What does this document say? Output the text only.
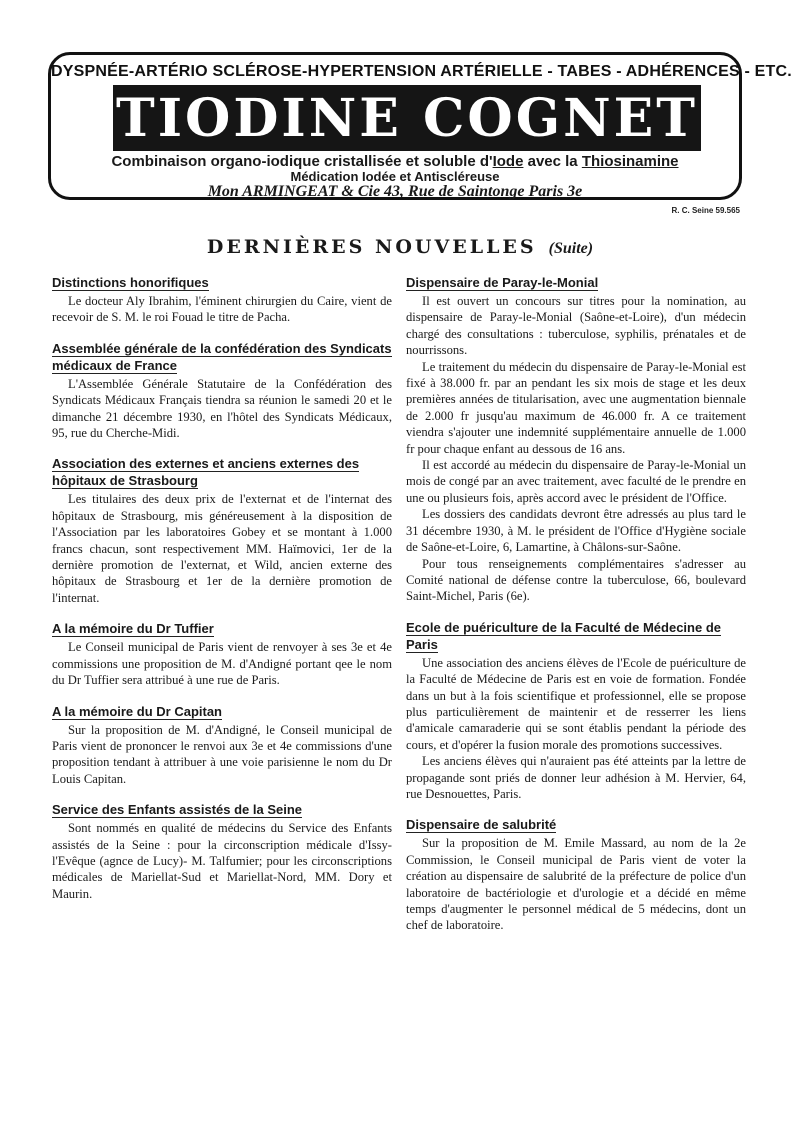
DYSPNÉE-ARTÉRIO SCLÉROSE-HYPERTENSION ARTÉRIELLE - TABES - ADHÉRENCES - ETC.
TIODINE COGNET
Combinaison organo-iodique cristallisée et soluble d'Iode avec la Thiosinamine
Médication Iodée et Antiscléreuse
Mon ARMINGEAT & Cie 43, Rue de Saintonge Paris 3e
R. C. Seine 59.565
DERNIÈRES NOUVELLES (Suite)
Distinctions honorifiques

Le docteur Aly Ibrahim, l'éminent chirurgien du Caire, vient de recevoir de S. M. le roi Fouad le titre de Pacha.

Assemblée générale de la confédération des Syndicats médicaux de France

L'Assemblée Générale Statutaire de la Confédération des Syndicats Médicaux Français tiendra sa réunion le samedi 20 et le dimanche 21 décembre 1930, en l'hôtel des Syndicats Médicaux, 95, rue du Cherche-Midi.

Association des externes et anciens externes des hôpitaux de Strasbourg

Les titulaires des deux prix de l'externat et de l'internat des hôpitaux de Strasbourg, mis généreusement à la disposition de l'Association par les laboratoires Gobey et se montant à 1.000 francs chacun, sont respectivement MM. Haïmovici, 1er de la dernière promotion de l'externat, et Wild, ancien externe des hôpitaux de Strasbourg et 1er de la dernière promotion de l'internat.

A la mémoire du Dr Tuffier

Le Conseil municipal de Paris vient de renvoyer à ses 3e et 4e commissions une proposition de M. d'Andigné portant qee le nom du Dr Tuffier sera attribué à une rue de Paris.

A la mémoire du Dr Capitan

Sur la proposition de M. d'Andigné, le Conseil municipal de Paris vient de prononcer le renvoi aux 3e et 4e commissions d'une proposition tendant à attribuer à une voie parisienne le nom du Dr Louis Capitan.

Service des Enfants assistés de la Seine

Sont nommés en qualité de médecins du Service des Enfants assistés de la Seine : pour la circonscription médicale d'Issy-l'Evêque (agnce de Lucy)- M. Talfumier; pour les circonscriptions médicales de Mariellat-Sud et Mariellat-Nord, MM. Dory et Maurin.

Dispensaire de Paray-le-Monial

Il est ouvert un concours sur titres pour la nomination, au dispensaire de Paray-le-Monial (Saône-et-Loire), d'un médecin chargé des consultations : tuberculose, syphilis, prénatales et de nourrissons.

Le traitement du médecin du dispensaire de Paray-le-Monial est fixé à 38.000 fr. par an pendant les six mois de stage et les deux premières années de titularisation, avec une augmentation biennale de 2.000 fr jusqu'au maximum de 46.000 fr. A ce traitement viendra s'ajouter une indemnité supplémentaire annuelle de 1.000 fr pour chaque enfant au dessous de 16 ans.

Il est accordé au médecin du dispensaire de Paray-le-Monial un mois de congé par an avec traitement, avec faculté de le prendre en une ou plusieurs fois, après accord avec le président de l'Office.

Les dossiers des candidats devront être adressés au plus tard le 31 décembre 1930, à M. le président de l'Office d'Hygiène sociale de Saône-et-Loire, 6, Lamartine, à Châlons-sur-Saône.

Pour tous renseignements complémentaires s'adresser au Comité national de défense contre la tuberculose, 66, boulevard Saint-Michel, Paris (6e).

Ecole de puériculture de la Faculté de Médecine de Paris

Une association des anciens élèves de l'Ecole de puériculture de la Faculté de Médecine de Paris est en voie de formation. Fondée dans un but à la fois scientifique et professionnel, elle se propose plus particulièrement de maintenir et de resserrer les liens d'amicale camaraderie qui se sont établis pendant la période des cours, et d'opérer la fusion morale des promotions successives.

Les anciens élèves qui n'auraient pas été atteints par la lettre de propagande sont priés de donner leur adhésion à M. Hervier, 64, rue Desnouettes, Paris.

Dispensaire de salubrité

Sur la proposition de M. Emile Massard, au nom de la 2e Commission, le Conseil municipal de Paris vient de voter la création au dispensaire de salubrité de la préfecture de police d'un laboratoire de bactériologie et d'urologie et a décidé en même temps d'augmenter le personnel médical de 5 médecins, dont un chef de laboratoire.
